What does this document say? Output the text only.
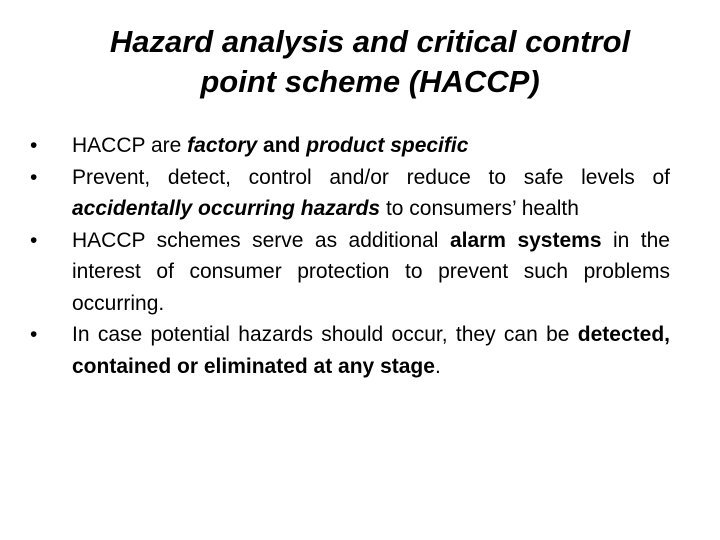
Hazard analysis and critical control
point scheme (HACCP)
•	HACCP are factory and product specific
•	Prevent, detect, control and/or reduce to safe levels of accidentally occurring hazards to consumers’ health
•	HACCP schemes serve as additional alarm systems in the interest of consumer protection to prevent such problems occurring.
•	In case potential hazards should occur, they can be detected, contained or eliminated at any stage.
